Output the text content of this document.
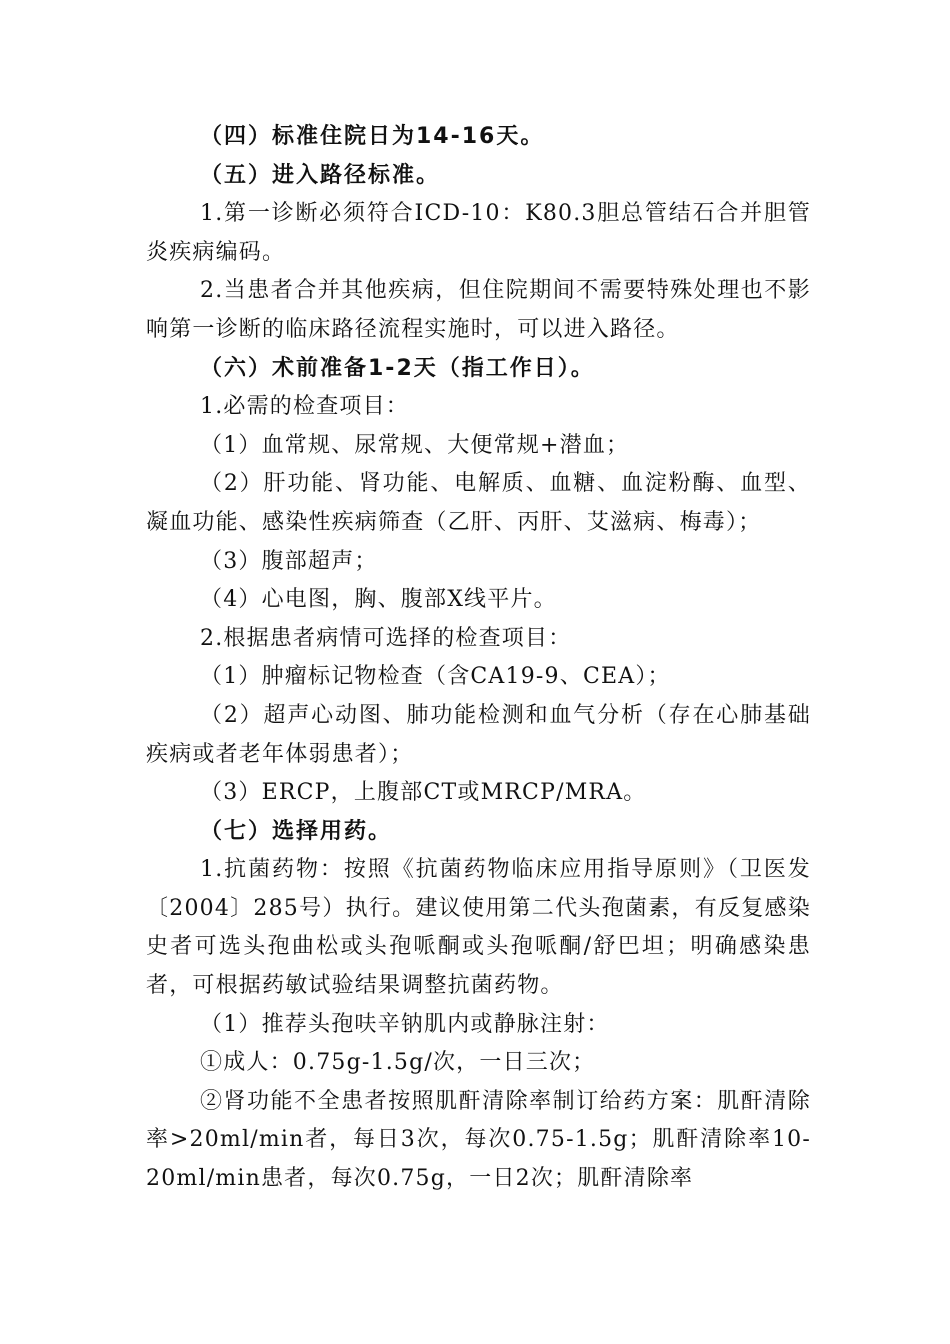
（四）标准住院日为14-16天。

（五）进入路径标准。

1.第一诊断必须符合ICD-10：K80.3胆总管结石合并胆管炎疾病编码。

2.当患者合并其他疾病，但住院期间不需要特殊处理也不影响第一诊断的临床路径流程实施时，可以进入路径。

（六）术前准备1-2天（指工作日）。

1.必需的检查项目：

（1）血常规、尿常规、大便常规+潜血；

（2）肝功能、肾功能、电解质、血糖、血淀粉酶、血型、凝血功能、感染性疾病筛查（乙肝、丙肝、艾滋病、梅毒）；

（3）腹部超声；

（4）心电图，胸、腹部X线平片。

2.根据患者病情可选择的检查项目：

（1）肿瘤标记物检查（含CA19-9、CEA）；

（2）超声心动图、肺功能检测和血气分析（存在心肺基础疾病或者老年体弱患者）；

（3）ERCP，上腹部CT或MRCP/MRA。

（七）选择用药。

1.抗菌药物：按照《抗菌药物临床应用指导原则》（卫医发〔2004〕285号）执行。建议使用第二代头孢菌素，有反复感染史者可选头孢曲松或头孢哌酮或头孢哌酮/舒巴坦；明确感染患者，可根据药敏试验结果调整抗菌药物。

（1）推荐头孢呋辛钠肌内或静脉注射：

①成人：0.75g-1.5g/次，一日三次；

②肾功能不全患者按照肌酐清除率制订给药方案：肌酐清除率>20ml/min者，每日3次，每次0.75-1.5g；肌酐清除率10-20ml/min患者，每次0.75g，一日2次；肌酐清除率
